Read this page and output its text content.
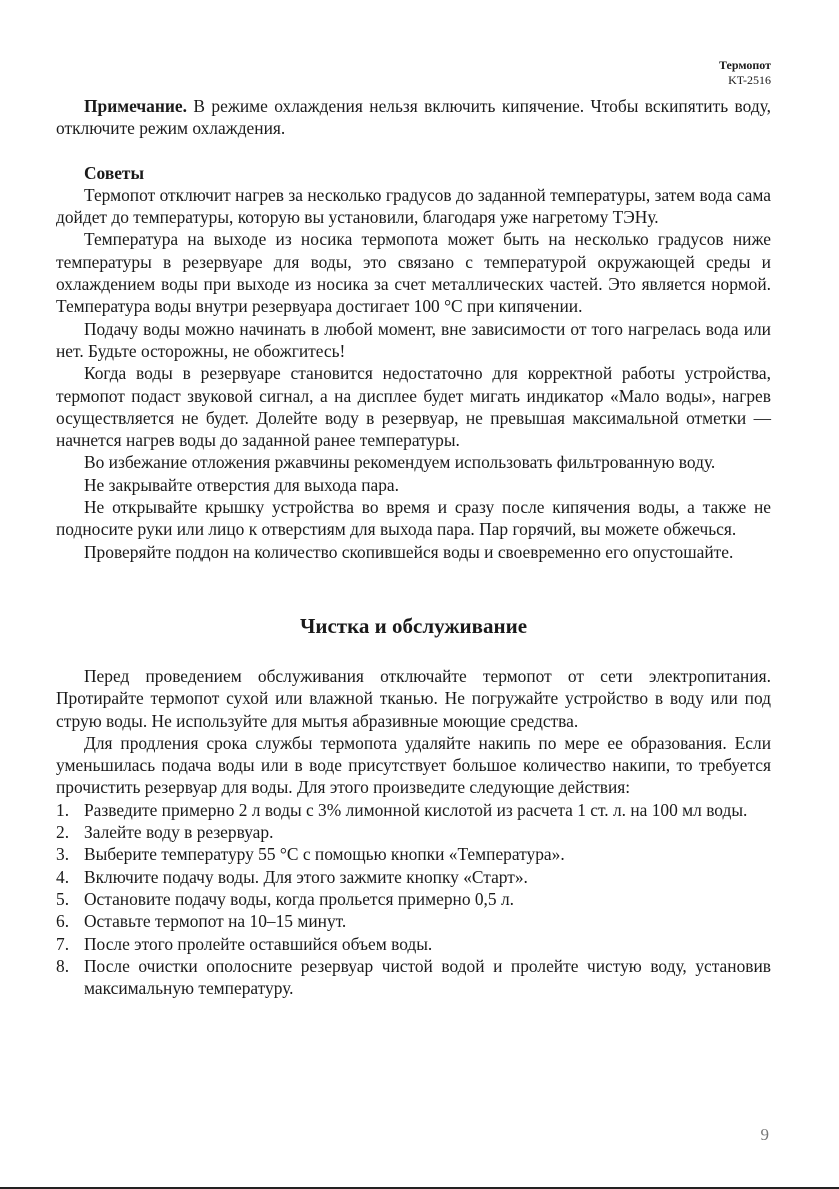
Термопот
KT-2516

Примечание. В режиме охлаждения нельзя включить кипячение. Чтобы вскипятить воду, отключите режим охлаждения.

Советы

Термопот отключит нагрев за несколько градусов до заданной температуры, затем вода сама дойдет до температуры, которую вы установили, благодаря уже нагретому ТЭНу.

Температура на выходе из носика термопота может быть на несколько градусов ниже температуры в резервуаре для воды, это связано с температурой окружающей среды и охлаждением воды при выходе из носика за счет металлических частей. Это является нормой. Температура воды внутри резервуара достигает 100 °С при кипячении.

Подачу воды можно начинать в любой момент, вне зависимости от того нагрелась вода или нет. Будьте осторожны, не обожгитесь!

Когда воды в резервуаре становится недостаточно для корректной работы устройства, термопот подаст звуковой сигнал, а на дисплее будет мигать индикатор «Мало воды», нагрев осуществляется не будет. Долейте воду в резервуар, не превышая максимальной отметки — начнется нагрев воды до заданной ранее температуры.

Во избежание отложения ржавчины рекомендуем использовать фильтрованную воду.

Не закрывайте отверстия для выхода пара.

Не открывайте крышку устройства во время и сразу после кипячения воды, а также не подносите руки или лицо к отверстиям для выхода пара. Пар горячий, вы можете обжечься.

Проверяйте поддон на количество скопившейся воды и своевременно его опустошайте.

Чистка и обслуживание

Перед проведением обслуживания отключайте термопот от сети электропитания. Протирайте термопот сухой или влажной тканью. Не погружайте устройство в воду или под струю воды. Не используйте для мытья абразивные моющие средства.

Для продления срока службы термопота удаляйте накипь по мере ее образования. Если уменьшилась подача воды или в воде присутствует большое количество накипи, то требуется прочистить резервуар для воды. Для этого произведите следующие действия:

1. Разведите примерно 2 л воды с 3% лимонной кислотой из расчета 1 ст. л. на 100 мл воды.
2. Залейте воду в резервуар.
3. Выберите температуру 55 °С с помощью кнопки «Температура».
4. Включите подачу воды. Для этого зажмите кнопку «Старт».
5. Остановите подачу воды, когда прольется примерно 0,5 л.
6. Оставьте термопот на 10–15 минут.
7. После этого пролейте оставшийся объем воды.
8. После очистки ополосните резервуар чистой водой и пролейте чистую воду, установив максимальную температуру.
9
